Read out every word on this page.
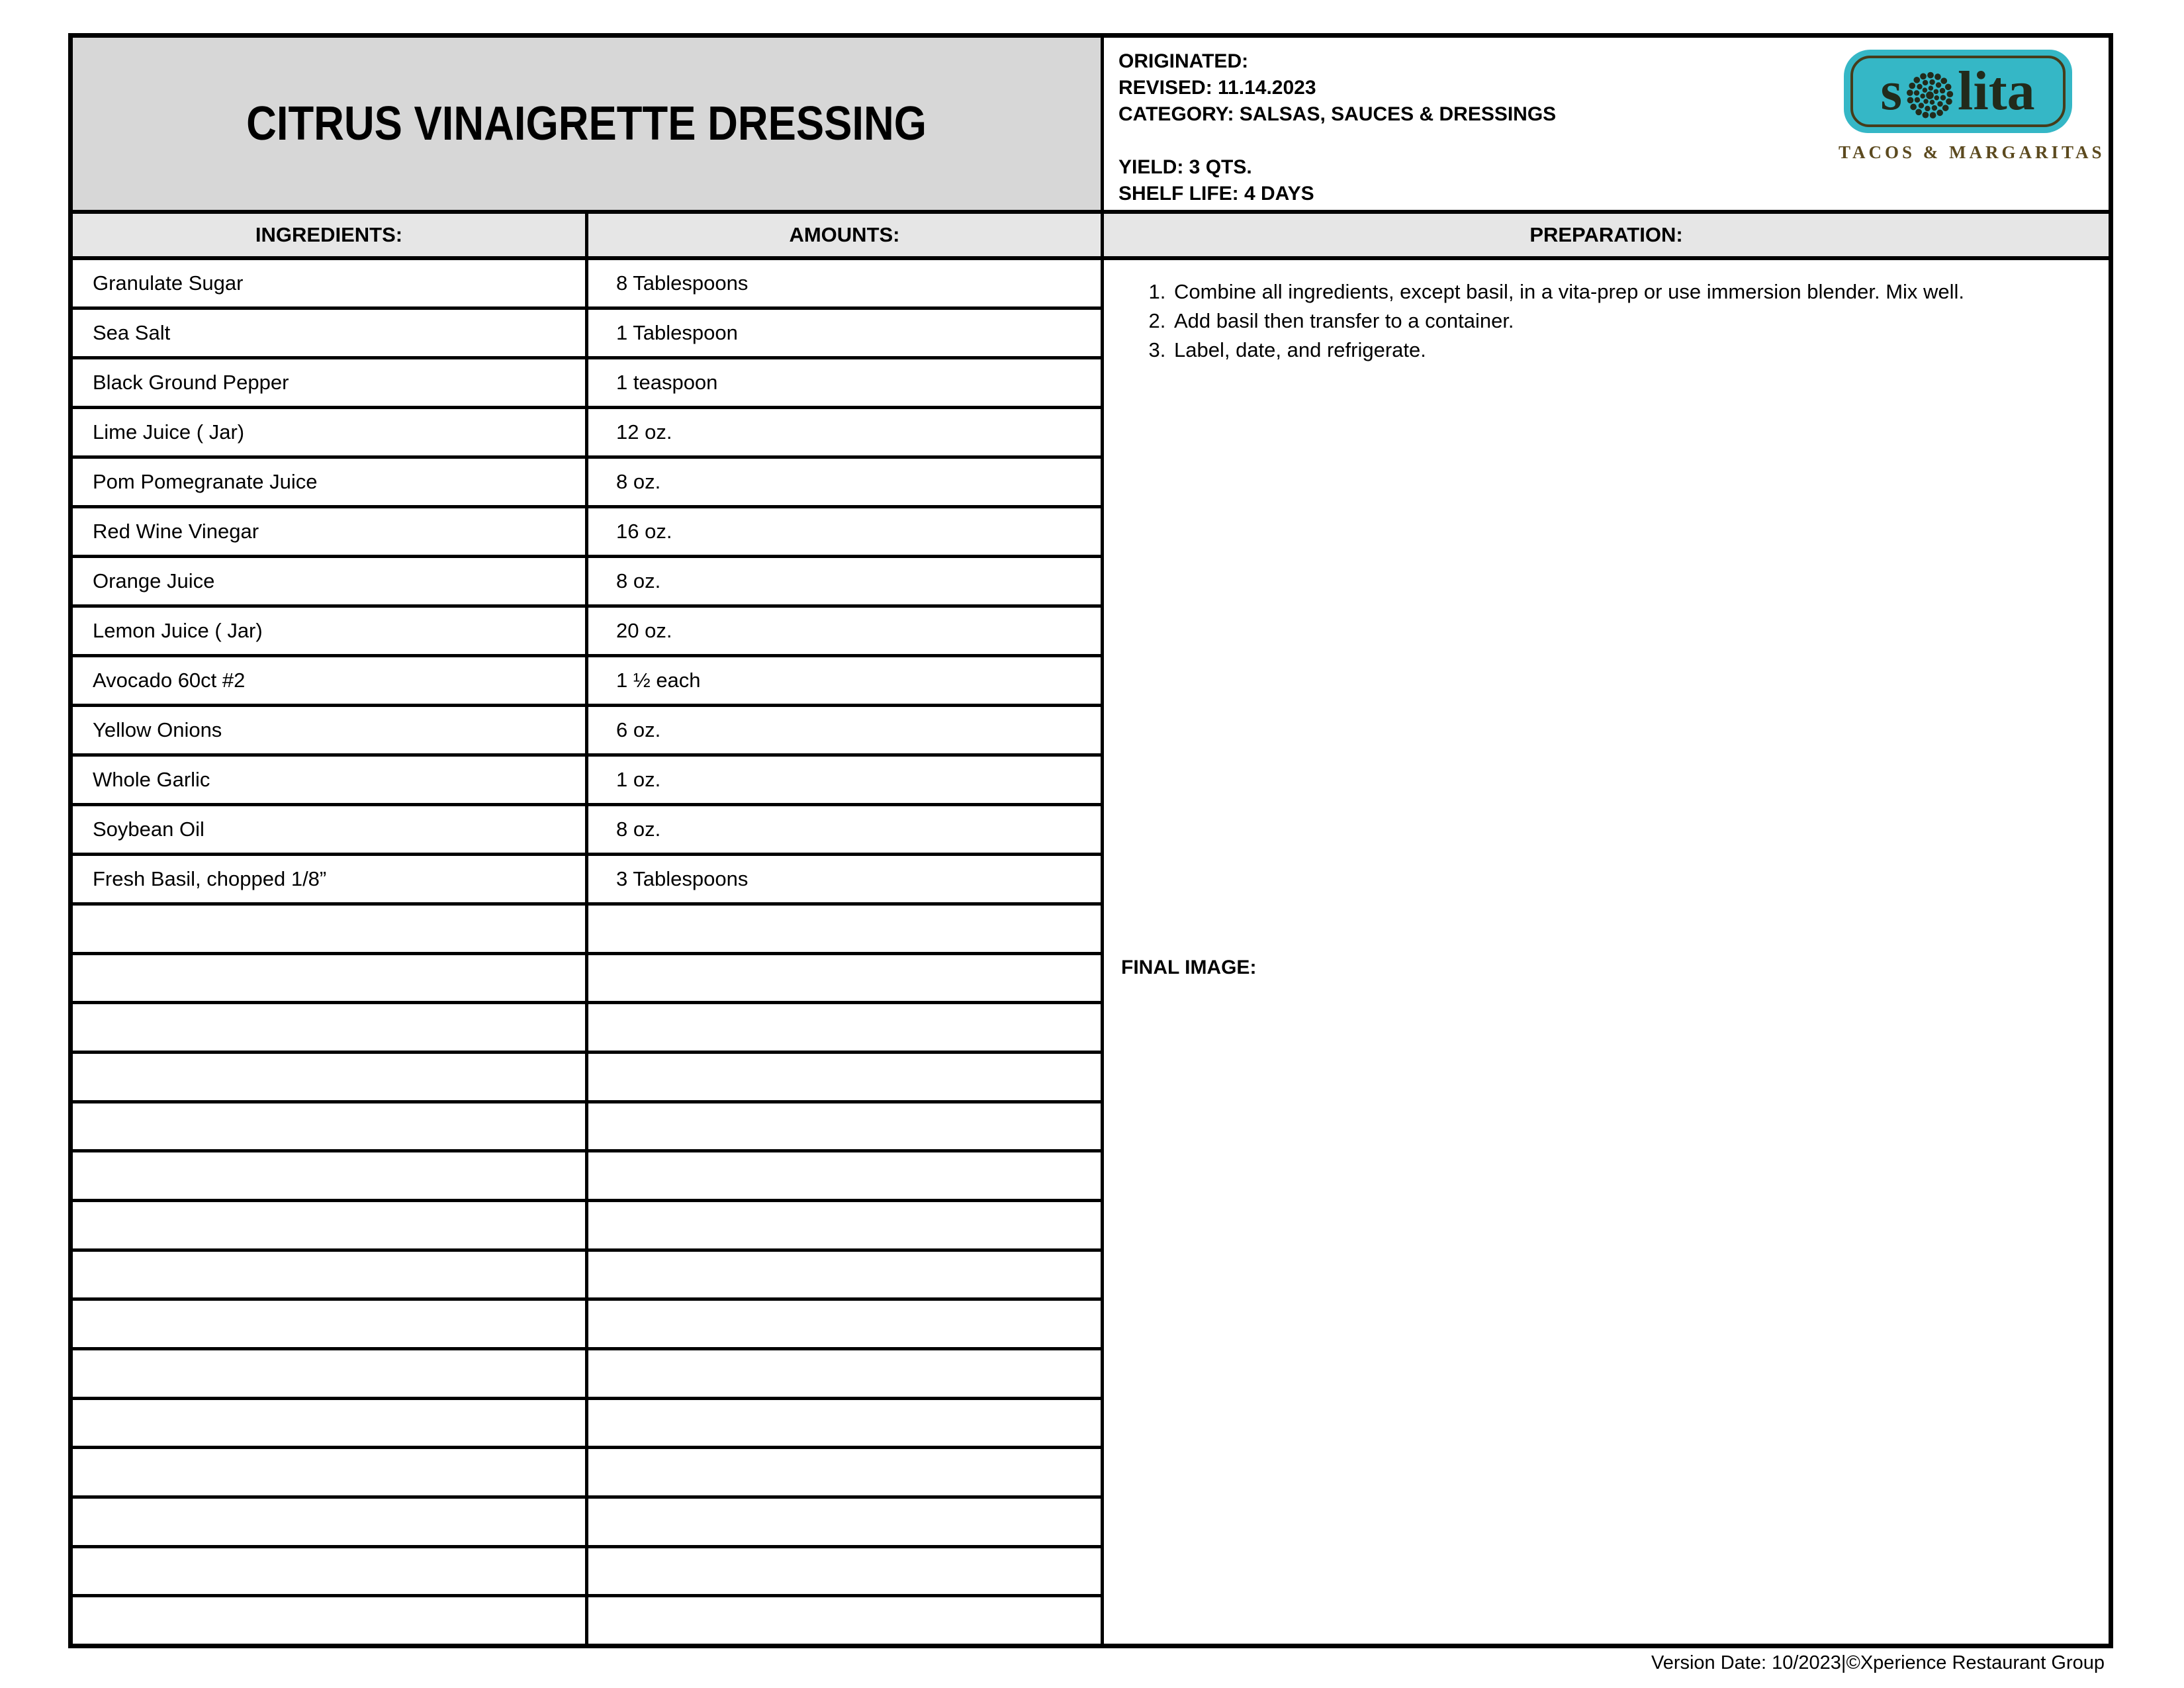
CITRUS VINAIGRETTE DRESSING
INGREDIENTS:	AMOUNTS:
Granulate Sugar	8 Tablespoons
Sea Salt	1 Tablespoon
Black Ground Pepper	1 teaspoon
Lime Juice ( Jar)	12 oz.
Pom Pomegranate Juice	8 oz.
Red Wine Vinegar	16 oz.
Orange Juice	8 oz.
Lemon Juice ( Jar)	20 oz.
Avocado 60ct #2	1 ½ each
Yellow Onions	6 oz.
Whole Garlic	1 oz.
Soybean Oil	8 oz.
Fresh Basil, chopped 1/8”	3 Tablespoons
ORIGINATED:
REVISED: 11.14.2023
CATEGORY: SALSAS, SAUCES & DRESSINGS
YIELD: 3 QTS.
SHELF LIFE: 4 DAYS
s lita
TACOS & MARGARITAS
PREPARATION:
1. Combine all ingredients, except basil, in a vita-prep or use immersion blender. Mix well.
2. Add basil then transfer to a container.
3. Label, date, and refrigerate.
FINAL IMAGE:
Version Date: 10/2023|©Xperience Restaurant Group
